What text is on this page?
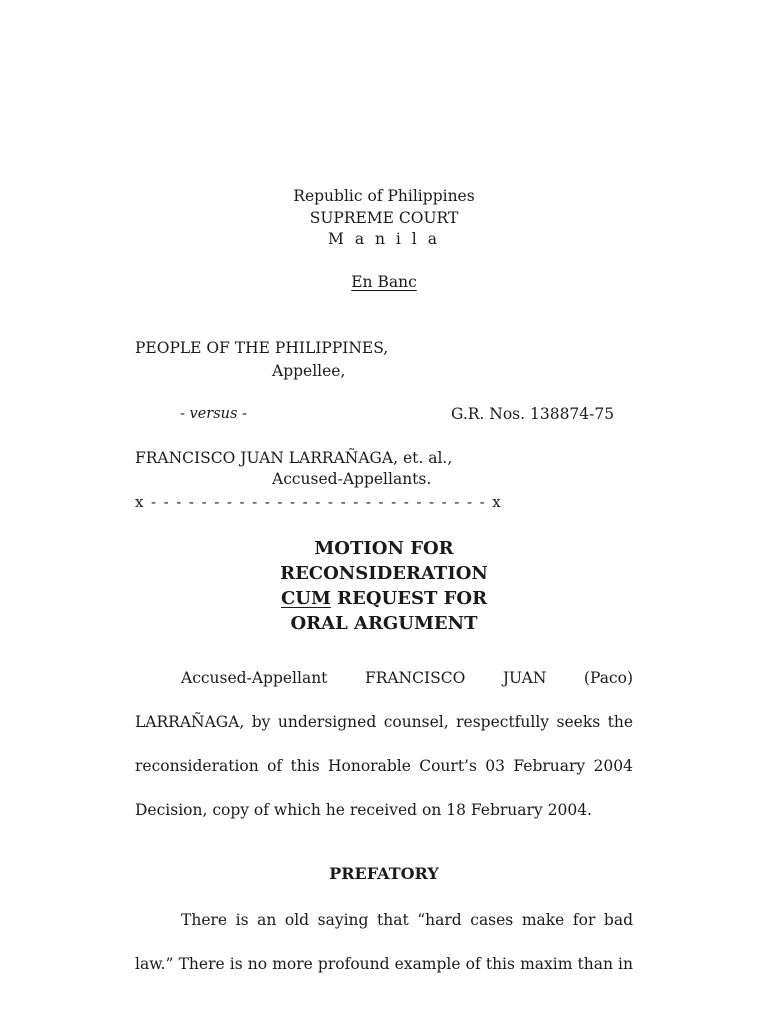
Republic of Philippines
SUPREME COURT
M a n i l a
En Banc
PEOPLE OF THE PHILIPPINES,
Appellee,
- versus -	G.R. Nos. 138874-75
FRANCISCO JUAN LARRAÑAGA, et. al.,
Accused-Appellants.
x - - - - - - - - - - - - - - - - - - - - - - - - - - - x
MOTION FOR
RECONSIDERATION
CUM REQUEST FOR
ORAL ARGUMENT
Accused-Appellant FRANCISCO JUAN (Paco)
LARRAÑAGA, by undersigned counsel, respectfully seeks the
reconsideration of this Honorable Court’s 03 February 2004
Decision, copy of which he received on 18 February 2004.
PREFATORY
There is an old saying that “hard cases make for bad
law.” There is no more profound example of this maxim than in
